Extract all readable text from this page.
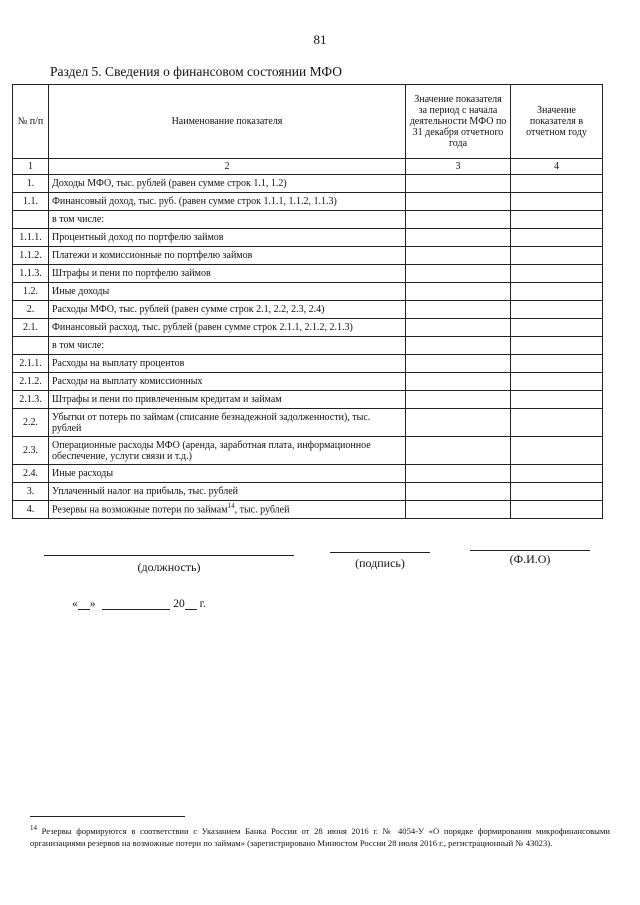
81
Раздел 5. Сведения о финансовом состоянии МФО
№ п/п	Наименование показателя	Значение показателя за период с начала деятельности МФО по 31 декабря отчетного года	Значение показателя в отчетном году
1	2	3	4
1.	Доходы МФО, тыс. рублей (равен сумме строк 1.1, 1.2)		
1.1.	Финансовый доход, тыс. руб. (равен сумме строк 1.1.1, 1.1.2, 1.1.3)		
	в том числе:		
1.1.1.	Процентный доход по портфелю займов		
1.1.2.	Платежи и комиссионные по портфелю займов		
1.1.3.	Штрафы и пени по портфелю займов		
1.2.	Иные доходы		
2.	Расходы МФО, тыс. рублей (равен сумме строк 2.1, 2.2, 2.3, 2.4)		
2.1.	Финансовый расход, тыс. рублей (равен сумме строк 2.1.1, 2.1.2, 2.1.3)		
	в том числе:		
2.1.1.	Расходы на выплату процентов		
2.1.2.	Расходы на выплату комиссионных		
2.1.3.	Штрафы и пени по привлеченным кредитам и займам		
2.2.	Убытки от потерь по займам (списание безнадежной задолженности), тыс. рублей		
2.3.	Операционные расходы МФО (аренда, заработная плата, информационное обеспечение, услуги связи и т.д.)		
2.4.	Иные расходы		
3.	Уплаченный налог на прибыль, тыс. рублей		
4.	Резервы на возможные потери по займам$^{14}$, тыс. рублей		
(должность)	(подпись)	(Ф.И.О)
« »	20 г.
$^{14}$ Резервы формируются в соответствии с Указанием Банка России от 28 июня 2016 г. № 4054-У «О порядке формирования микрофинансовыми организациями резервов на возможные потери по займам» (зарегистрировано Минюстом России 28 июля 2016 г., регистрационный № 43023).
